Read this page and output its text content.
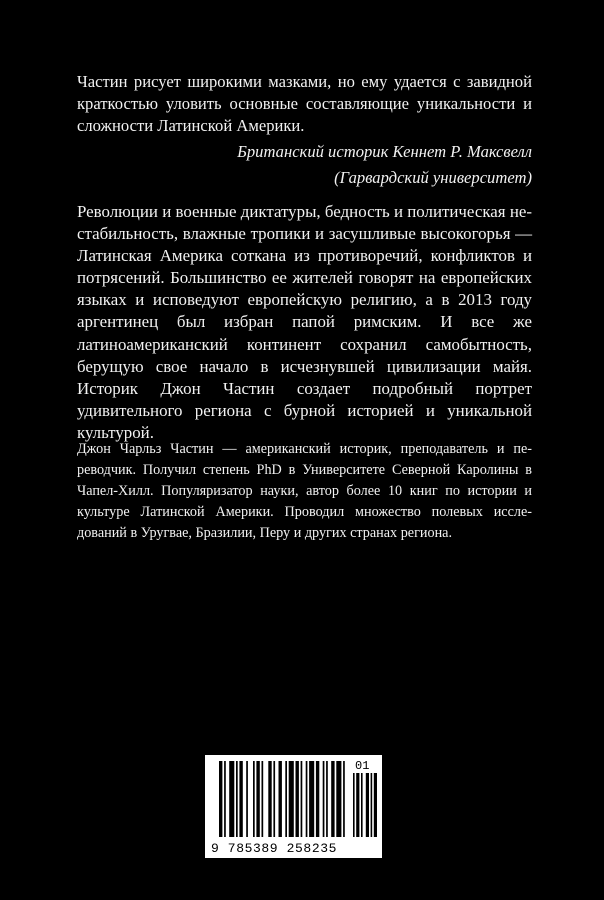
Частин рисует широкими мазками, но ему удается с завидной краткостью уловить основные составляющие уникальности и сложности Латинской Америки.

Британский историк Кеннет Р. Максвелл
(Гарвардский университет)

Революции и военные диктатуры, бедность и политическая нестабильность, влажные тропики и засушливые высокогорья — Латинская Америка соткана из противоречий, конфликтов и потрясений. Большинство ее жителей говорят на европейских языках и исповедуют европейскую религию, а в 2013 году аргентинец был избран папой римским. И все же латиноамериканский континент сохранил самобытность, берущую свое начало в исчезнувшей цивилизации майя. Историк Джон Частин создает подробный портрет удивительного региона с бурной историей и уникальной культурой.

Джон Чарльз Частин — американский историк, преподаватель и переводчик. Получил степень PhD в Университете Северной Каролины в Чапел-Хилл. Популяризатор науки, автор более 10 книг по истории и культуре Латинской Америки. Проводил множество полевых исследований в Уругвае, Бразилии, Перу и других странах региона.

9 785389 258235
01
